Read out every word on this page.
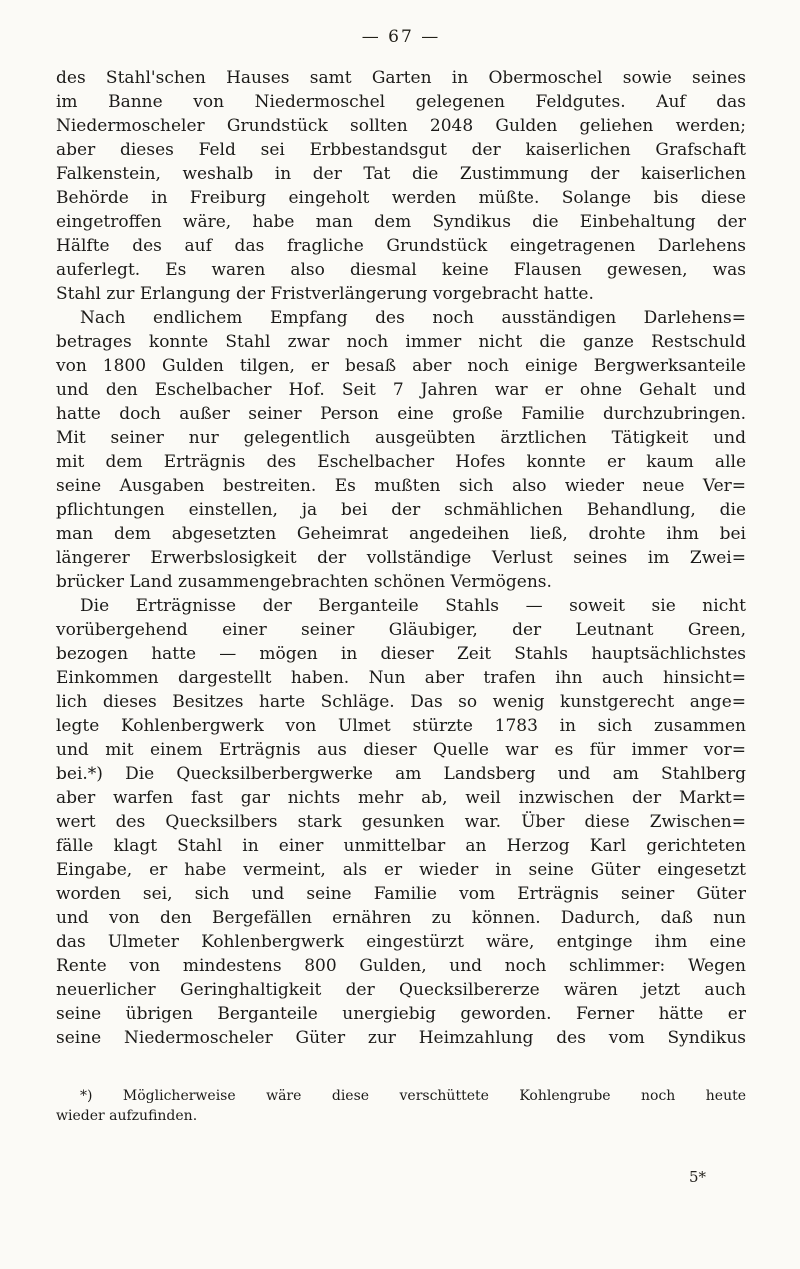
— 67 —

des Stahl'schen Hauses samt Garten in Obermoschel sowie seines
im Banne von Niedermoschel gelegenen Feldgutes. Auf das
Niedermoscheler Grundstück sollten 2048 Gulden geliehen werden;
aber dieses Feld sei Erbbestandsgut der kaiserlichen Grafschaft
Falkenstein, weshalb in der Tat die Zustimmung der kaiserlichen
Behörde in Freiburg eingeholt werden müßte. Solange bis diese
eingetroffen wäre, habe man dem Syndikus die Einbehaltung der
Hälfte des auf das fragliche Grundstück eingetragenen Darlehens
auferlegt. Es waren also diesmal keine Flausen gewesen, was
Stahl zur Erlangung der Fristverlängerung vorgebracht hatte.

Nach endlichem Empfang des noch ausständigen Darlehens=
betrages konnte Stahl zwar noch immer nicht die ganze Restschuld
von 1800 Gulden tilgen, er besaß aber noch einige Bergwerksanteile
und den Eschelbacher Hof. Seit 7 Jahren war er ohne Gehalt und
hatte doch außer seiner Person eine große Familie durchzubringen.
Mit seiner nur gelegentlich ausgeübten ärztlichen Tätigkeit und
mit dem Erträgnis des Eschelbacher Hofes konnte er kaum alle
seine Ausgaben bestreiten. Es mußten sich also wieder neue Ver=
pflichtungen einstellen, ja bei der schmählichen Behandlung, die
man dem abgesetzten Geheimrat angedeihen ließ, drohte ihm bei
längerer Erwerbslosigkeit der vollständige Verlust seines im Zwei=
brücker Land zusammengebrachten schönen Vermögens.

Die Erträgnisse der Berganteile Stahls — soweit sie nicht
vorübergehend einer seiner Gläubiger, der Leutnant Green,
bezogen hatte — mögen in dieser Zeit Stahls hauptsächlichstes
Einkommen dargestellt haben. Nun aber trafen ihn auch hinsicht=
lich dieses Besitzes harte Schläge. Das so wenig kunstgerecht ange=
legte Kohlenbergwerk von Ulmet stürzte 1783 in sich zusammen
und mit einem Erträgnis aus dieser Quelle war es für immer vor=
bei.*) Die Quecksilberbergwerke am Landsberg und am Stahlberg
aber warfen fast gar nichts mehr ab, weil inzwischen der Markt=
wert des Quecksilbers stark gesunken war. Über diese Zwischen=
fälle klagt Stahl in einer unmittelbar an Herzog Karl gerichteten
Eingabe, er habe vermeint, als er wieder in seine Güter eingesetzt
worden sei, sich und seine Familie vom Erträgnis seiner Güter
und von den Bergefällen ernähren zu können. Dadurch, daß nun
das Ulmeter Kohlenbergwerk eingestürzt wäre, entginge ihm eine
Rente von mindestens 800 Gulden, und noch schlimmer: Wegen
neuerlicher Geringhaltigkeit der Quecksilbererze wären jetzt auch
seine übrigen Berganteile unergiebig geworden. Ferner hätte er
seine Niedermoscheler Güter zur Heimzahlung des vom Syndikus

*) Möglicherweise wäre diese verschüttete Kohlengrube noch heute
wieder aufzufinden.
5*
